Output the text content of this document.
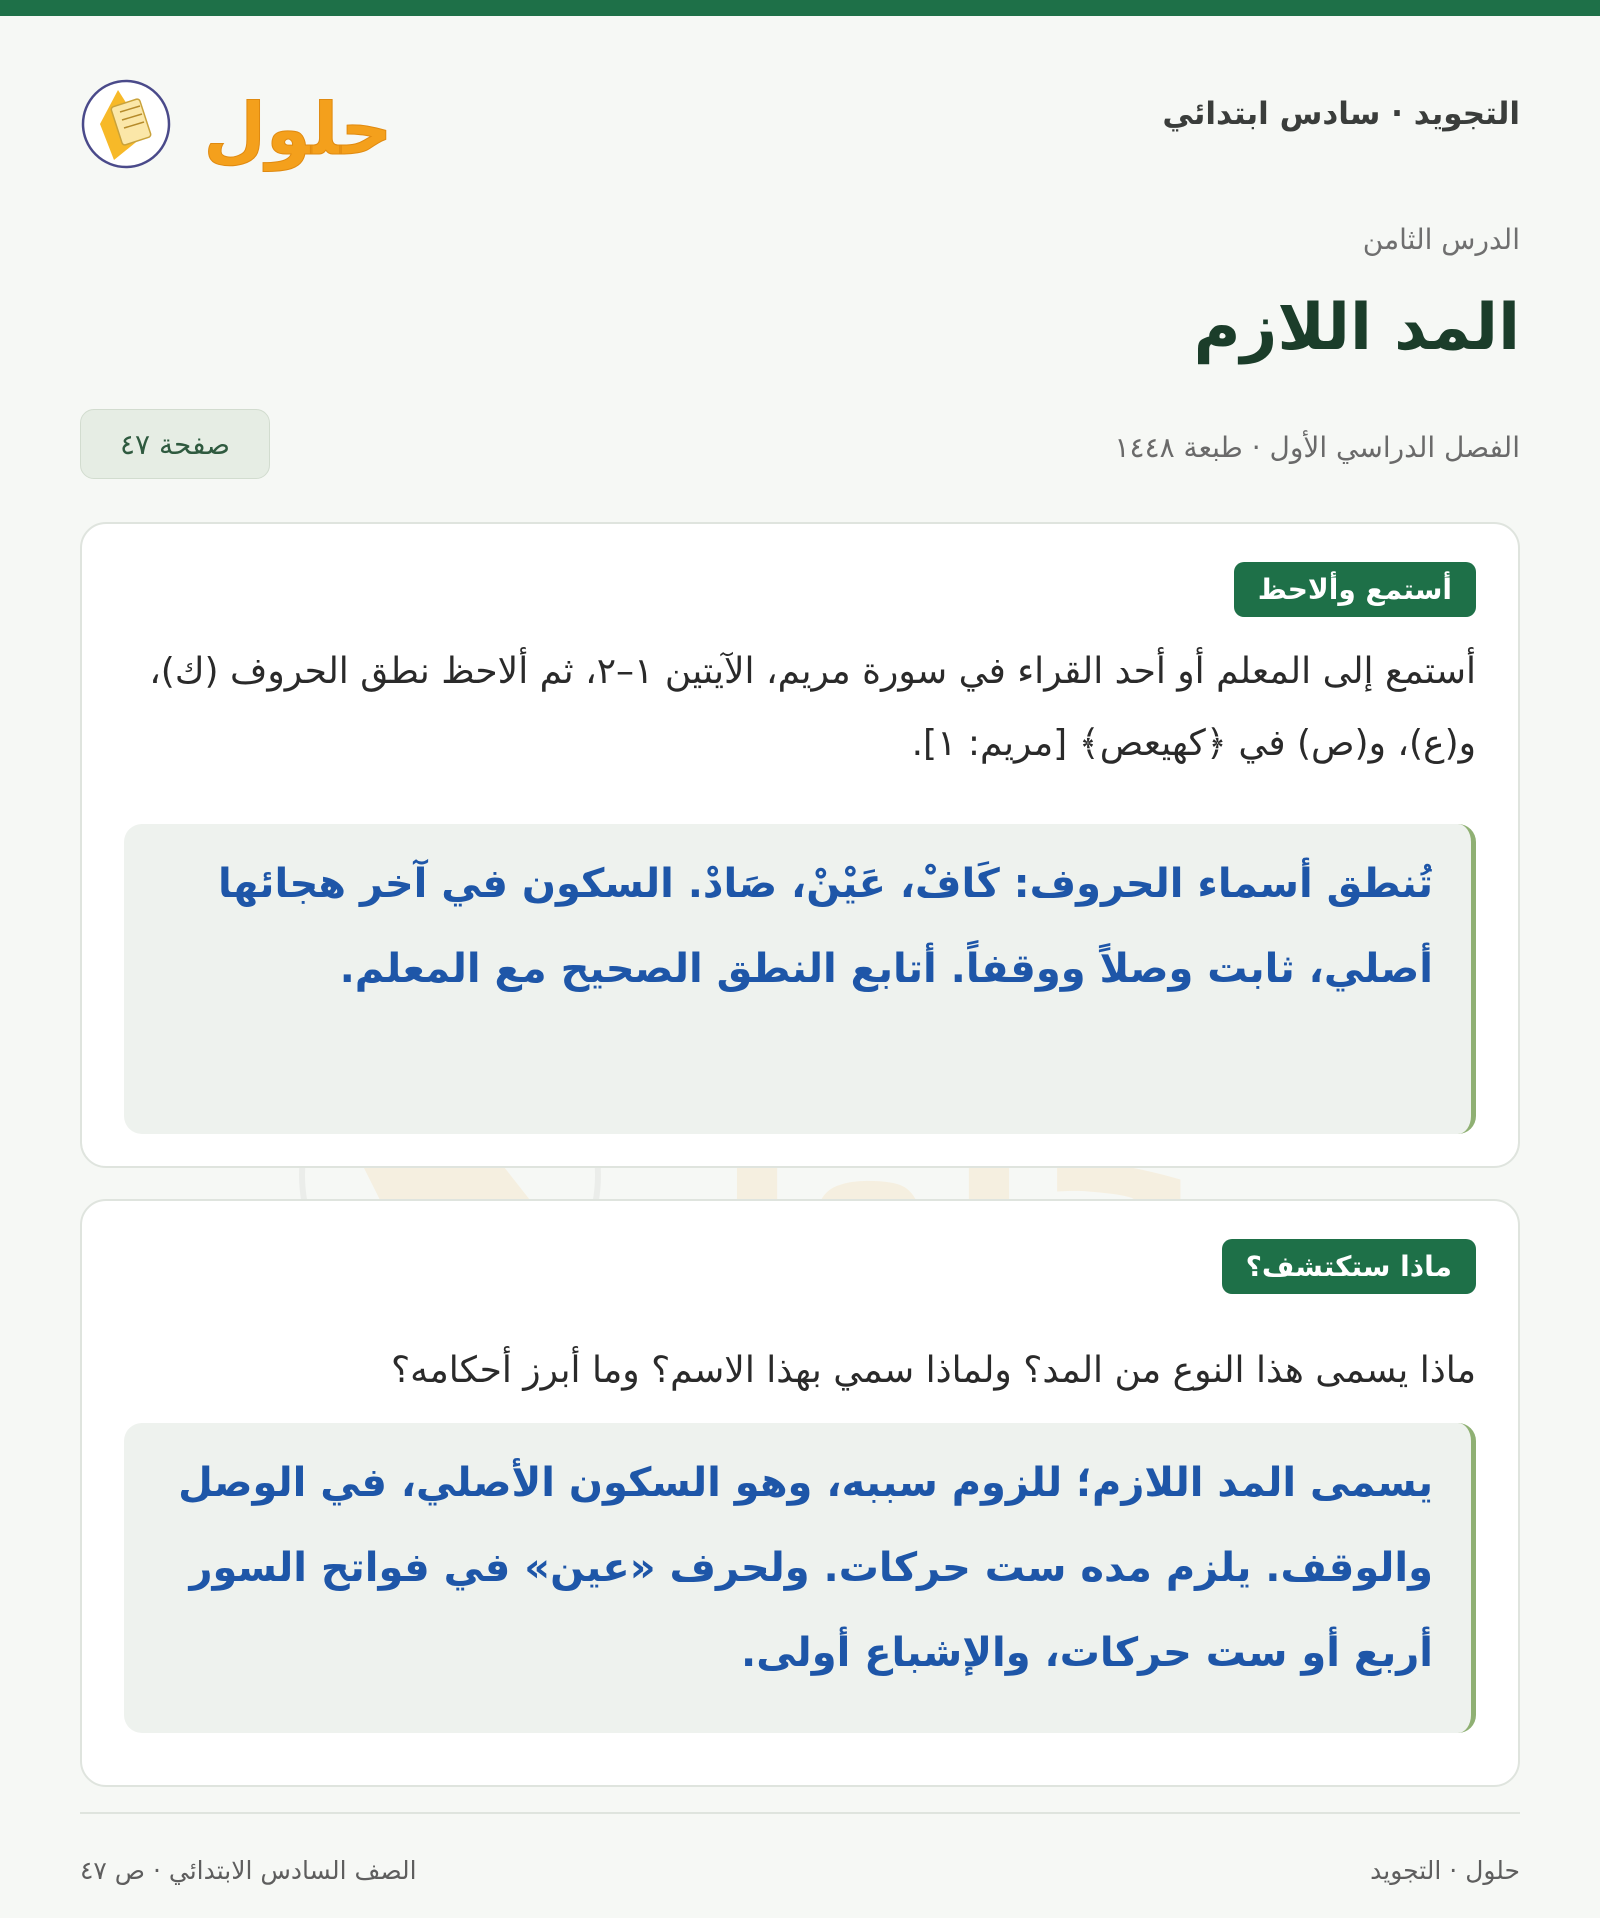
حلول
التجويد · سادس ابتدائي
حلول
الدرس الثامن
المد اللازم
الفصل الدراسي الأول · طبعة ١٤٤٨
صفحة ٤٧
أستمع وألاحظ

أستمع إلى المعلم أو أحد القراء في سورة مريم، الآيتين ١–٢، ثم ألاحظ نطق الحروف (ك)، و(ع)، و(ص) في ﴿كهيعص﴾ [مريم: ١].

تُنطق أسماء الحروف: كَافْ، عَيْنْ، صَادْ. السكون في آخر هجائها أصلي، ثابت وصلاً ووقفاً. أتابع النطق الصحيح مع المعلم.

ماذا ستكتشف؟

ماذا يسمى هذا النوع من المد؟ ولماذا سمي بهذا الاسم؟ وما أبرز أحكامه؟

يسمى المد اللازم؛ للزوم سببه، وهو السكون الأصلي، في الوصل والوقف. يلزم مده ست حركات. ولحرف «عين» في فواتح السور أربع أو ست حركات، والإشباع أولى.

حلول · التجويد
الصف السادس الابتدائي · ص ٤٧
